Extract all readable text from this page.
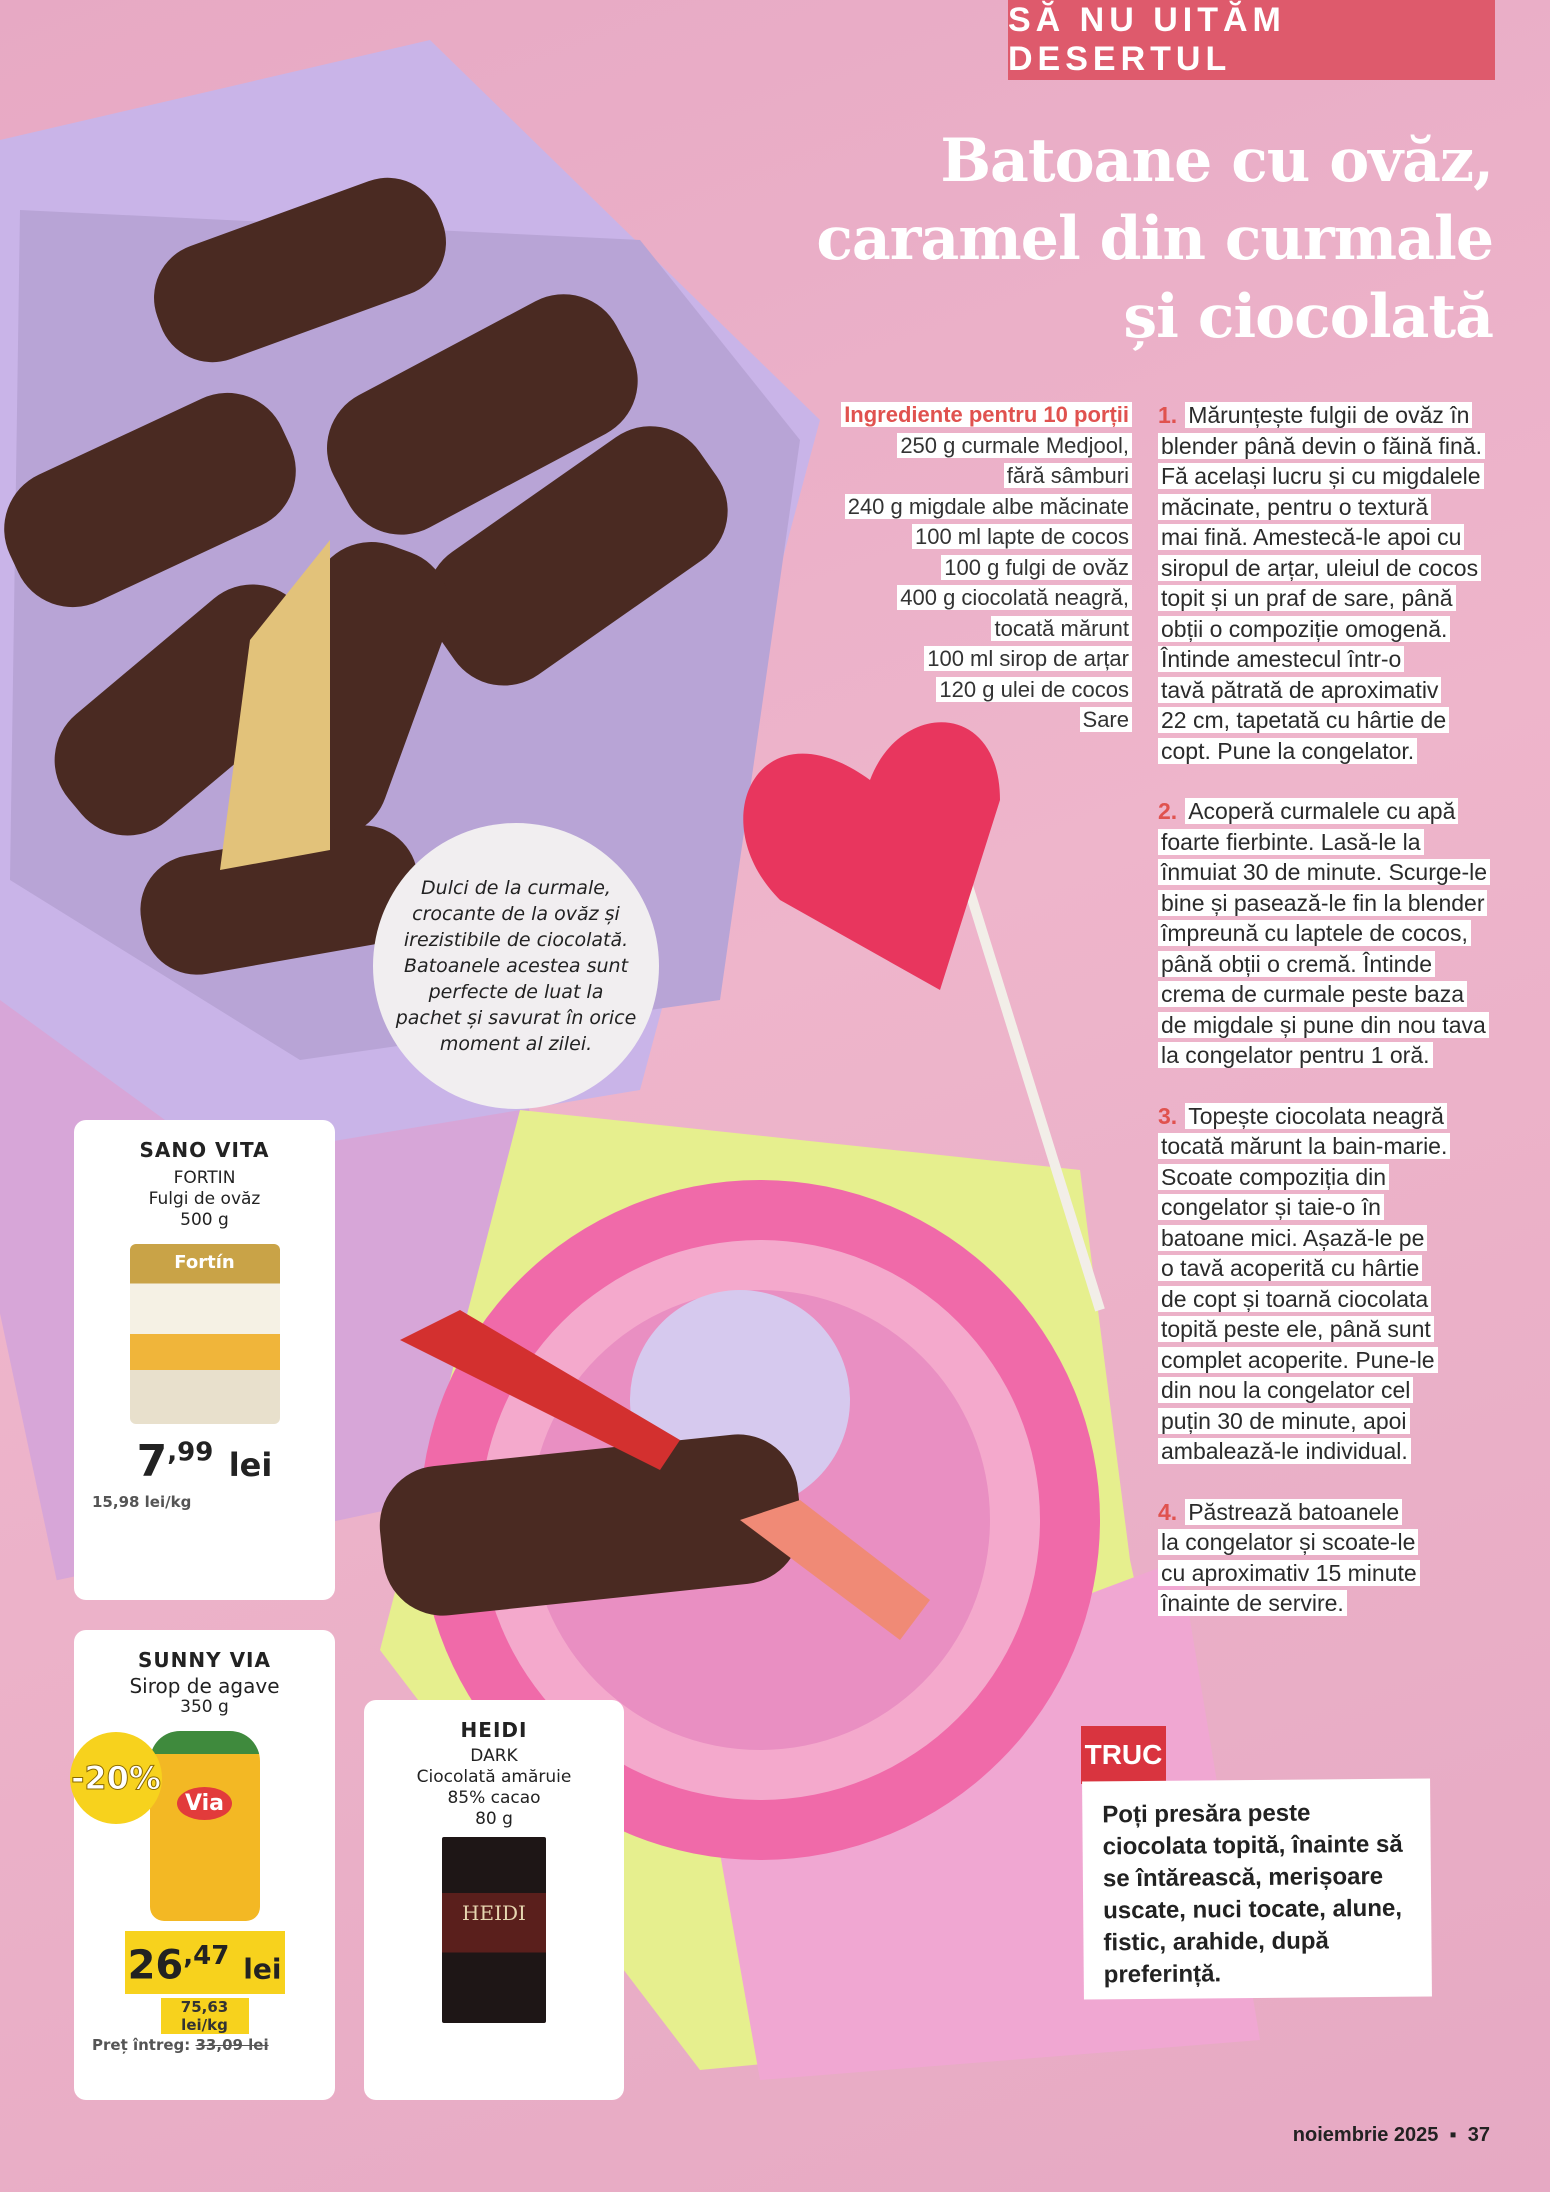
SĂ NU UITĂM DESERTUL
Batoane cu ovăz,
caramel din curmale
și ciocolată
Ingrediente pentru 10 porții
250 g curmale Medjool,
fără sâmburi
240 g migdale albe măcinate
100 ml lapte de cocos
100 g fulgi de ovăz
400 g ciocolată neagră,
tocată mărunt
100 ml sirop de arțar
120 g ulei de cocos
Sare
1. Mărunțește fulgii de ovăz în
blender până devin o făină fină.
Fă același lucru și cu migdalele
măcinate, pentru o textură
mai fină. Amestecă-le apoi cu
siropul de arțar, uleiul de cocos
topit și un praf de sare, până
obții o compoziție omogenă.
Întinde amestecul într-o
tavă pătrată de aproximativ
22 cm, tapetată cu hârtie de
copt. Pune la congelator.
2. Acoperă curmalele cu apă
foarte fierbinte. Lasă-le la
înmuiat 30 de minute. Scurge-le
bine și pasează-le fin la blender
împreună cu laptele de cocos,
până obții o cremă. Întinde
crema de curmale peste baza
de migdale și pune din nou tava
la congelator pentru 1 oră.
3. Topește ciocolata neagră
tocată mărunt la bain-marie.
Scoate compoziția din
congelator și taie-o în
batoane mici. Așază-le pe
o tavă acoperită cu hârtie
de copt și toarnă ciocolata
topită peste ele, până sunt
complet acoperite. Pune-le
din nou la congelator cel
puțin 30 de minute, apoi
ambalează-le individual.
4. Păstrează batoanele
la congelator și scoate-le
cu aproximativ 15 minute
înainte de servire.
Dulci de la curmale, crocante de la ovăz și irezistibile de ciocolată. Batoanele acestea sunt perfecte de luat la pachet și savurat în orice moment al zilei.
SANO VITA
FORTIN
Fulgi de ovăz
500 g
Fortín
$7^{,99}$ lei
15,98 lei/kg
SUNNY VIA
Sirop de agave
350 g
-20%
Via
$26^{,47}$ lei
75,63 lei/kg
Preț întreg: 33,09 lei
HEIDI
DARK
Ciocolată amăruie
85% cacao
80 g
HEIDI
TRUC
Poți presăra peste ciocolata topită, înainte să se întărească, merișoare uscate, nuci tocate, alune, fistic, arahide, după preferință.
noiembrie 2025  ▪  37
